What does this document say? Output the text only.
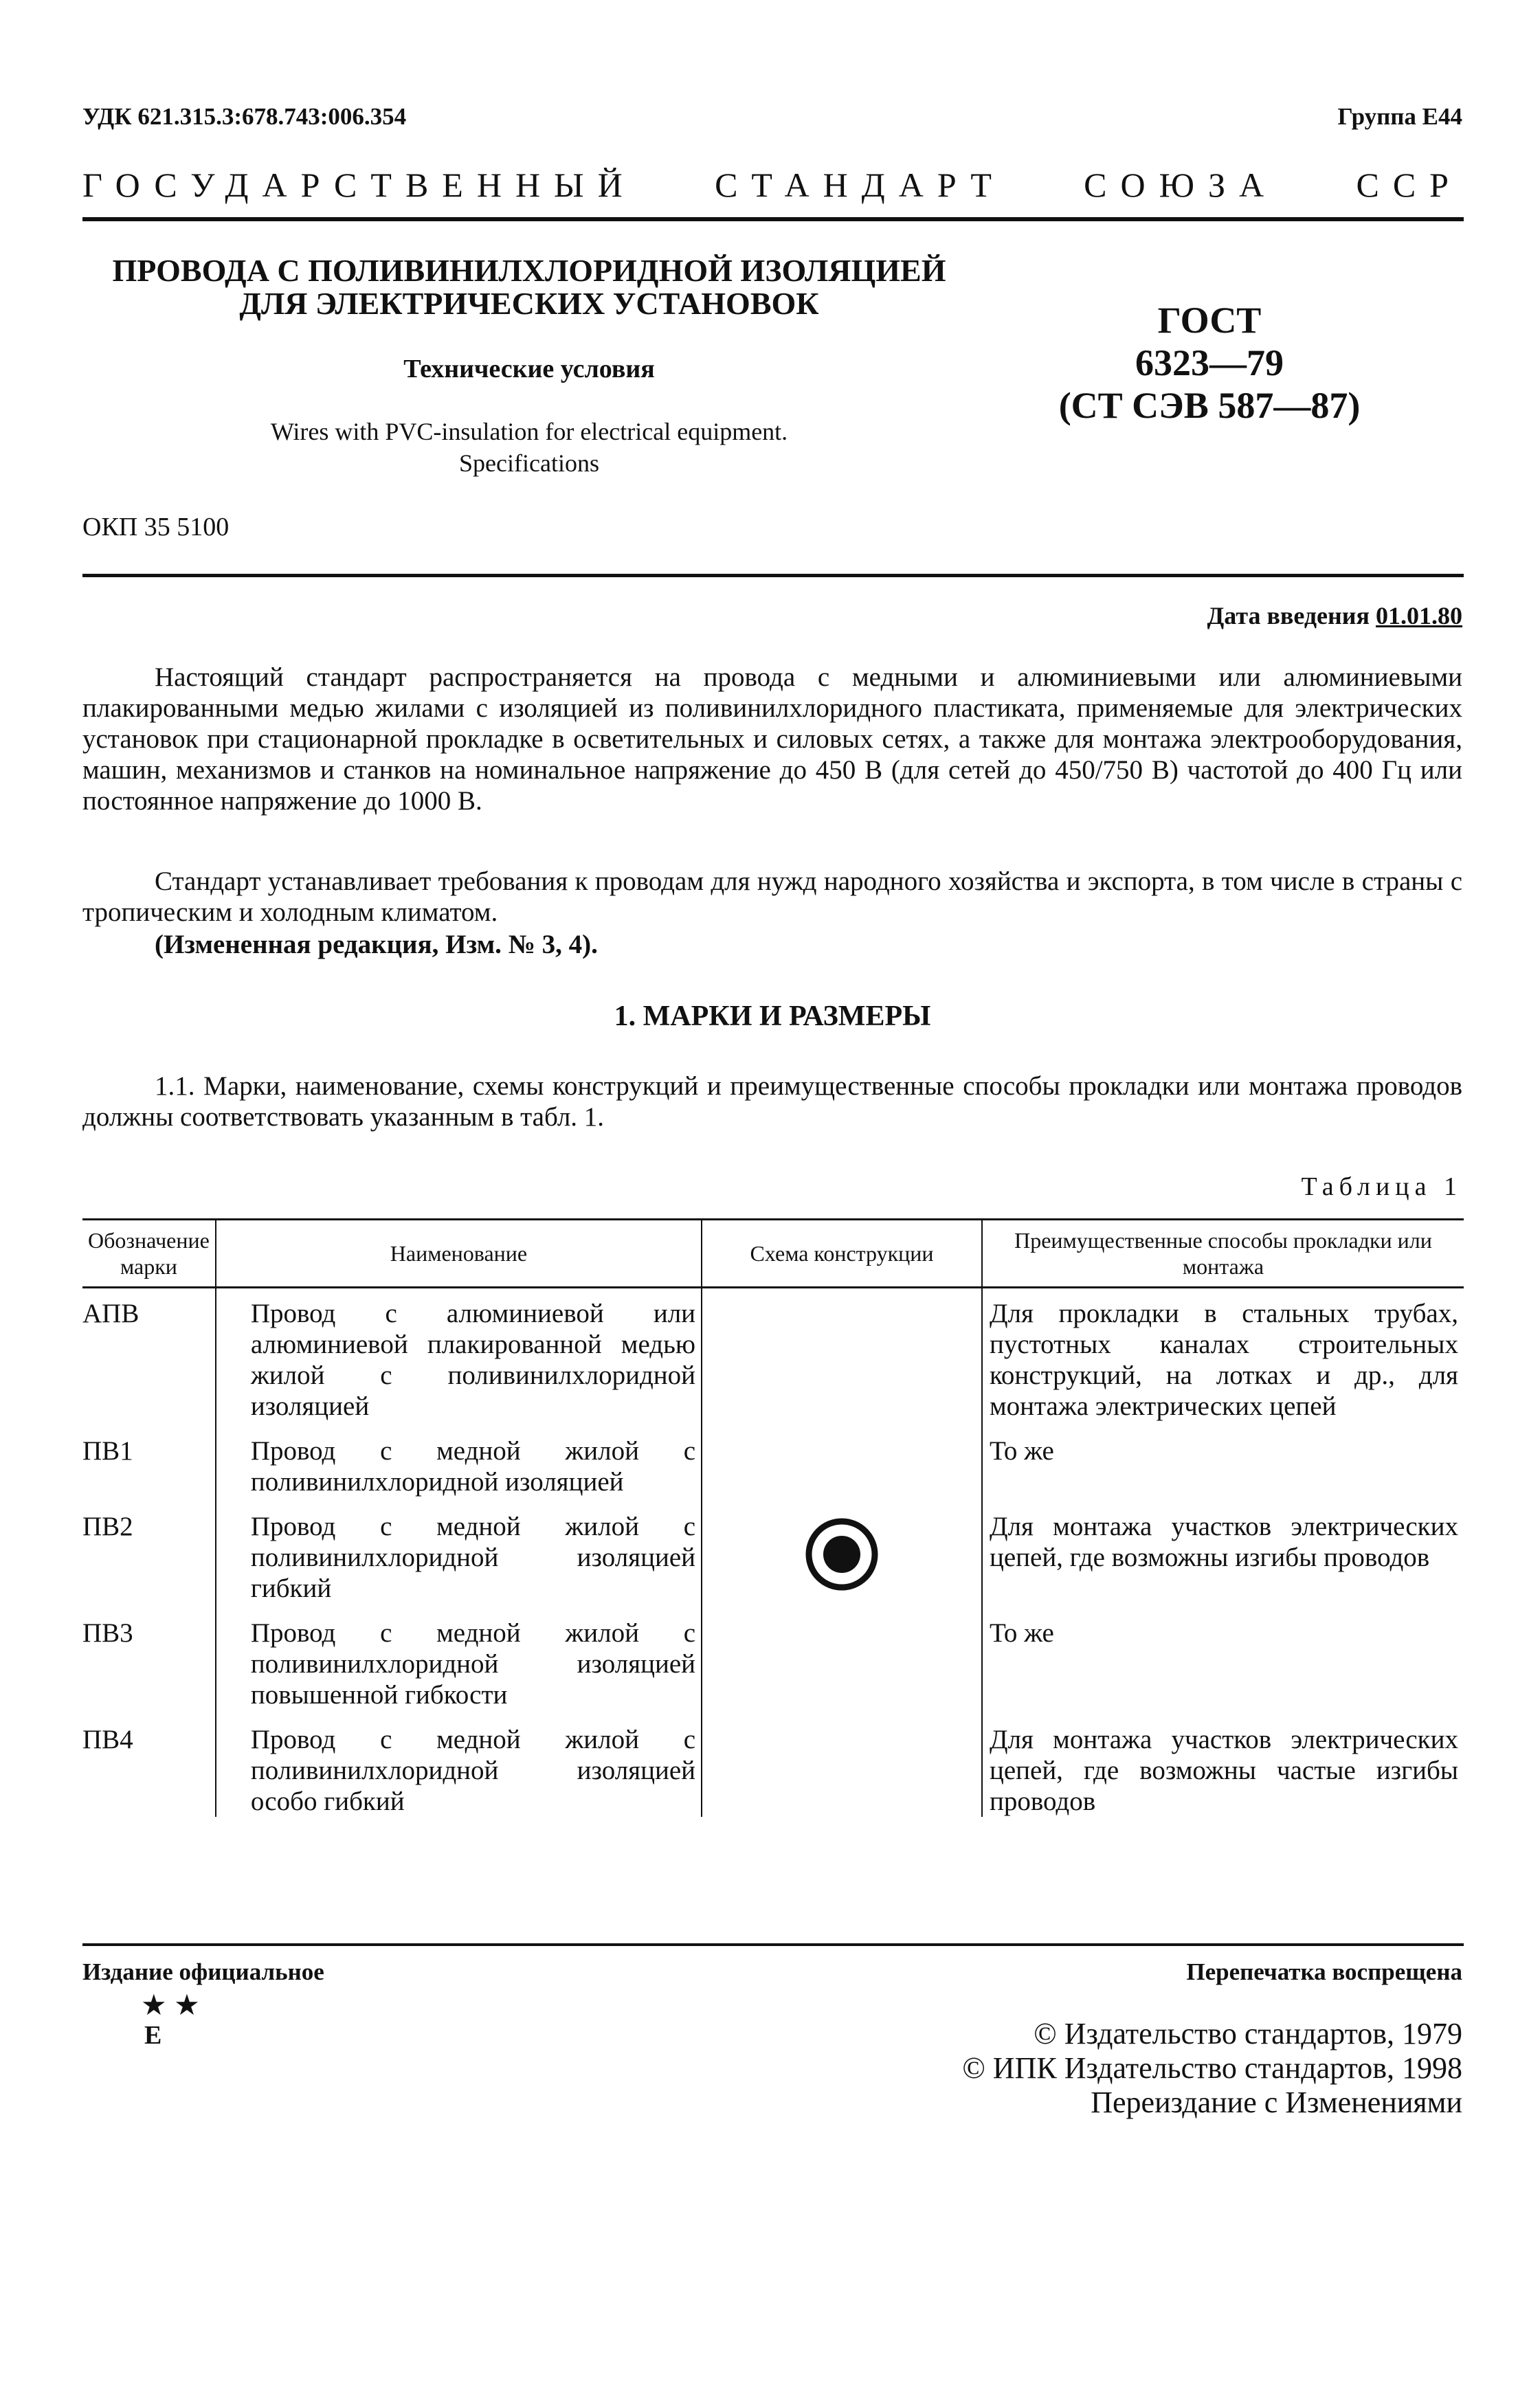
УДК 621.315.3:678.743:006.354	Группа Е44
ГОСУДАРСТВЕННЫЙ СТАНДАРТ СОЮЗА ССР
ПРОВОДА С ПОЛИВИНИЛХЛОРИДНОЙ ИЗОЛЯЦИЕЙ
ДЛЯ ЭЛЕКТРИЧЕСКИХ УСТАНОВОК
Технические условия
Wires with PVC-insulation for electrical equipment.
Specifications
ОКП 35 5100
ГОСТ
6323—79
(СТ СЭВ 587—87)
Дата введения 01.01.80
Настоящий стандарт распространяется на провода с медными и алюминиевыми или алюминиевыми плакированными медью жилами с изоляцией из поливинилхлоридного пластиката, применяемые для электрических установок при стационарной прокладке в осветительных и силовых сетях, а также для монтажа электрооборудования, машин, механизмов и станков на номинальное напряжение до 450 В (для сетей до 450/750 В) частотой до 400 Гц или постоянное напряжение до 1000 В.
Стандарт устанавливает требования к проводам для нужд народного хозяйства и экспорта, в том числе в страны с тропическим и холодным климатом.
(Измененная редакция, Изм. № 3, 4).
1. МАРКИ И РАЗМЕРЫ
1.1. Марки, наименование, схемы конструкций и преимущественные способы прокладки или монтажа проводов должны соответствовать указанным в табл. 1.
Таблица 1
Обозначение марки	Наименование	Схема конструкции	Преимущественные способы прокладки или монтажа
АПВ	Провод с алюминиевой или алюминиевой плакированной медью жилой с поливинилхлоридной изоляцией		Для прокладки в стальных трубах, пустотных каналах строительных конструкций, на лотках и др., для монтажа электрических цепей
ПВ1	Провод с медной жилой с поливинилхлоридной изоляцией		То же
ПВ2	Провод с медной жилой с поливинилхлоридной изоляцией гибкий		Для монтажа участков электрических цепей, где возможны изгибы проводов
ПВ3	Провод с медной жилой с поливинилхлоридной изоляцией повышенной гибкости		То же
ПВ4	Провод с медной жилой с поливинилхлоридной изоляцией особо гибкий		Для монтажа участков электрических цепей, где возможны частые изгибы проводов
Издание официальное
★ ★
Е
Перепечатка воспрещена
© Издательство стандартов, 1979
© ИПК Издательство стандартов, 1998
Переиздание с Изменениями
